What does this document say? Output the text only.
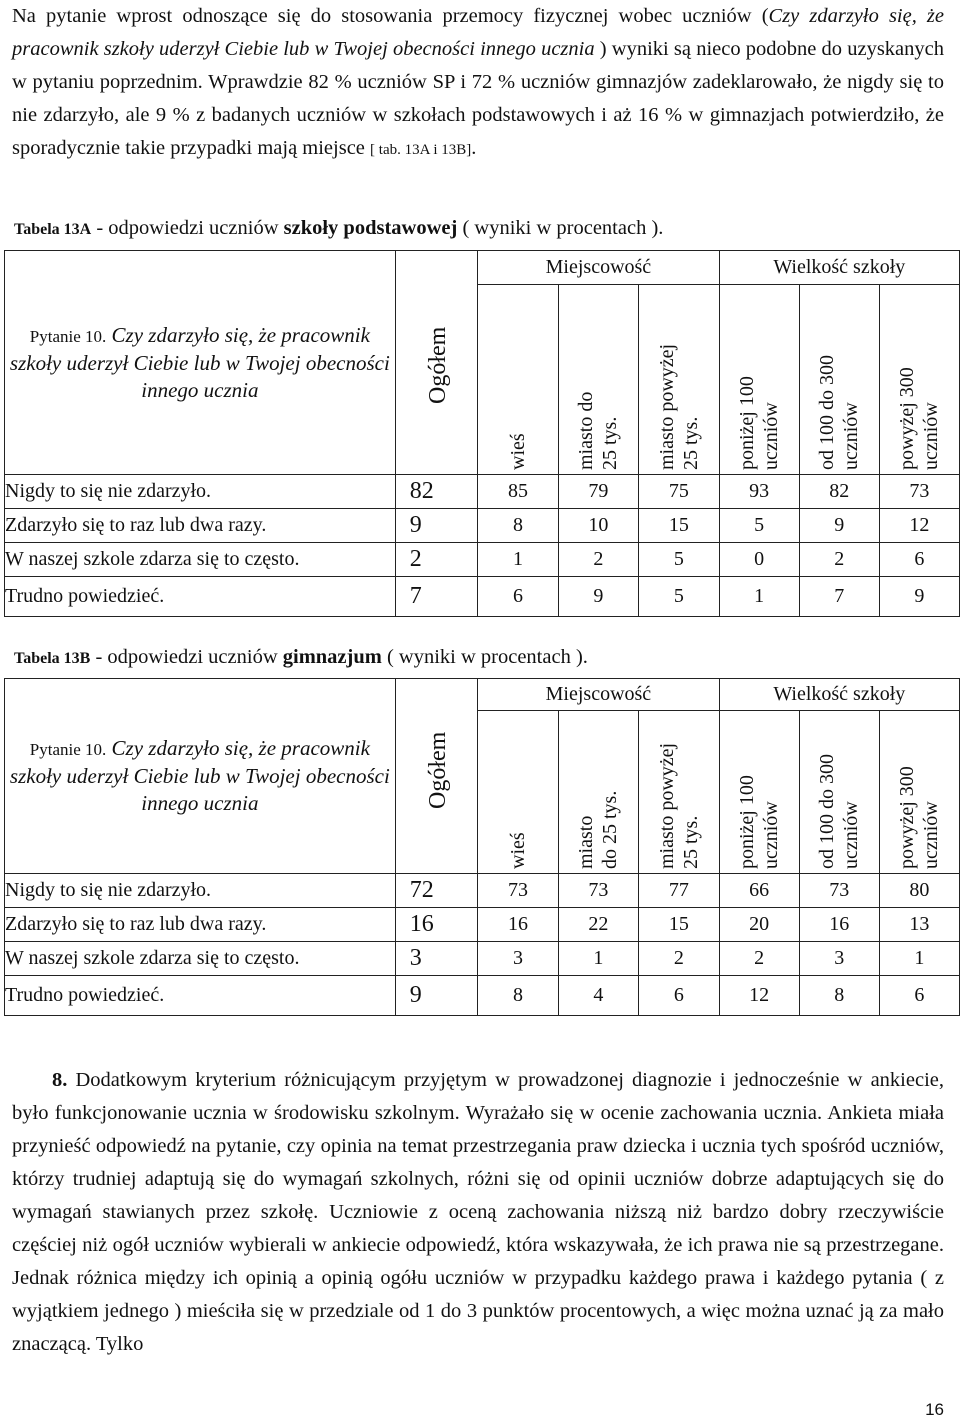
Na pytanie wprost odnoszące się do stosowania przemocy fizycznej wobec uczniów (Czy zdarzyło się, że pracownik szkoły uderzył Ciebie lub w Twojej obecności innego ucznia ) wyniki są nieco podobne do uzyskanych w pytaniu poprzednim. Wprawdzie 82 % uczniów SP i 72 % uczniów gimnazjów zadeklarowało, że nigdy się to nie zdarzyło, ale 9 % z badanych uczniów w szkołach podstawowych i aż 16 % w gimnazjach potwierdziło, że sporadycznie takie przypadki mają miejsce [ tab. 13A i 13B].
Tabela 13A - odpowiedzi uczniów szkoły podstawowej ( wyniki w procentach ).
Pytanie 10. Czy zdarzyło się, że pracownik szkoły uderzył Ciebie lub w Twojej obecności innego ucznia	Ogółem	Miejscowość			Wielkość szkoły		

		wieś	miasto do 25 tys.	miasto powyżej 25 tys.	poniżej 100 uczniów	od 100 do 300 uczniów	powyżej 300 uczniów

Nigdy to się nie zdarzyło.	82	85	79	75	93	82	73
Zdarzyło się to raz lub dwa razy.	9	8	10	15	5	9	12
W naszej szkole zdarza się to często.	2	1	2	5	0	2	6
Trudno powiedzieć.	7	6	9	5	1	7	9
Tabela 13B - odpowiedzi uczniów gimnazjum ( wyniki w procentach ).
Pytanie 10. Czy zdarzyło się, że pracownik szkoły uderzył Ciebie lub w Twojej obecności innego ucznia	Ogółem	Miejscowość			Wielkość szkoły		

		wieś	miasto do 25 tys.	miasto powyżej 25 tys.	poniżej 100 uczniów	od 100 do 300 uczniów	powyżej 300 uczniów

Nigdy to się nie zdarzyło.	72	73	73	77	66	73	80
Zdarzyło się to raz lub dwa razy.	16	16	22	15	20	16	13
W naszej szkole zdarza się to często.	3	3	1	2	2	3	1
Trudno powiedzieć.	9	8	4	6	12	8	6
8. Dodatkowym kryterium różnicującym przyjętym w prowadzonej diagnozie i jednocześnie w ankiecie, było funkcjonowanie ucznia w środowisku szkolnym. Wyrażało się w ocenie zachowania ucznia. Ankieta miała przynieść odpowiedź na pytanie, czy opinia na temat przestrzegania praw dziecka i ucznia tych spośród uczniów, którzy trudniej adaptują się do wymagań szkolnych, różni się od opinii uczniów dobrze adaptujących się do wymagań stawianych przez szkołę. Uczniowie z oceną zachowania niższą niż bardzo dobry rzeczywiście częściej niż ogół uczniów wybierali w ankiecie odpowiedź, która wskazywała, że ich prawa nie są przestrzegane. Jednak różnica między ich opinią a opinią ogółu uczniów w przypadku każdego prawa i każdego pytania ( z wyjątkiem jednego ) mieściła się w przedziale od 1 do 3 punktów procentowych, a więc można uznać ją za mało znaczącą. Tylko
16
